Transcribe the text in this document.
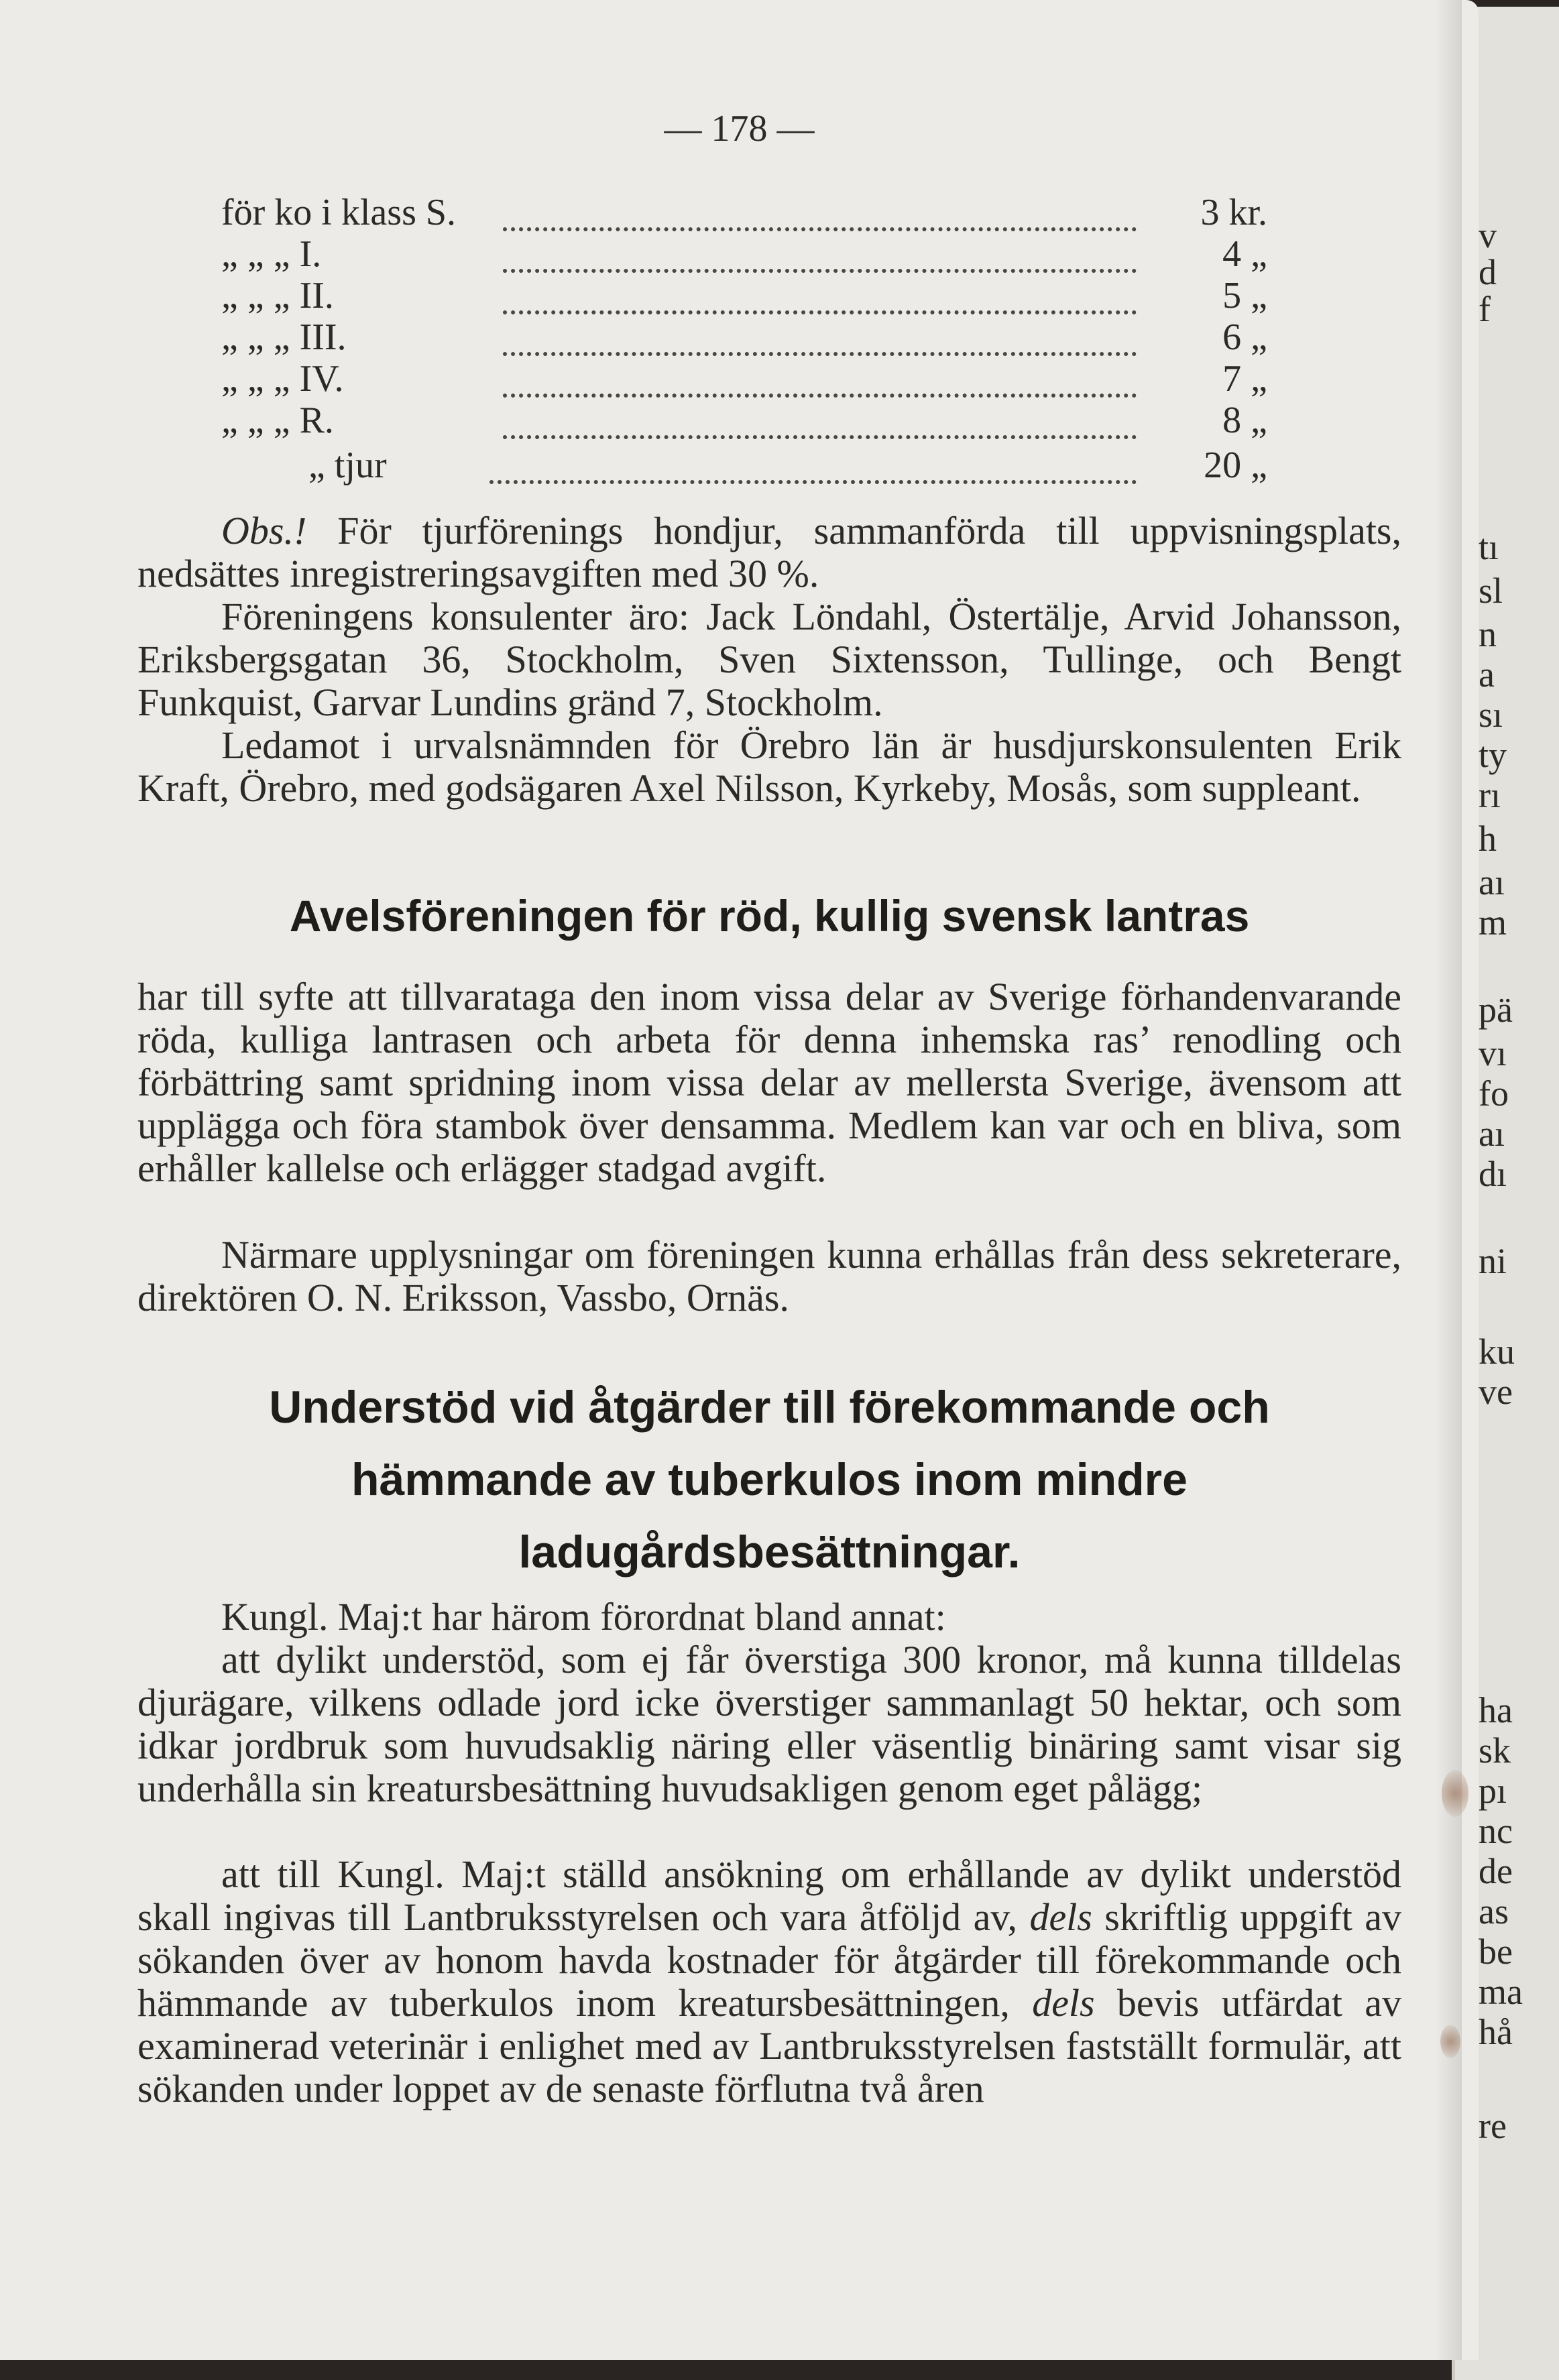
— 178 —
för ko i klass S.	3 kr.
„ „ „ I.	4 „
„ „ „ II.	5 „
„ „ „ III.	6 „
„ „ „ IV.	7 „
„ „ „ R.	8 „
„ tjur	20 „
Obs.! För tjurförenings hondjur, sammanförda till uppvisningsplats, nedsättes inregistreringsavgiften med 30 %.
Föreningens konsulenter äro: Jack Löndahl, Östertälje, Arvid Johansson, Eriksbergsgatan 36, Stockholm, Sven Sixtensson, Tullinge, och Bengt Funkquist, Garvar Lundins gränd 7, Stockholm.
Ledamot i urvalsnämnden för Örebro län är husdjurskonsulenten Erik Kraft, Örebro, med godsägaren Axel Nilsson, Kyrkeby, Mosås, som suppleant.
Avelsföreningen för röd, kullig svensk lantras
har till syfte att tillvarataga den inom vissa delar av Sverige förhandenvarande röda, kulliga lantrasen och arbeta för denna inhemska ras’ renodling och förbättring samt spridning inom vissa delar av mellersta Sverige, ävensom att upplägga och föra stambok över densamma. Medlem kan var och en bliva, som erhåller kallelse och erlägger stadgad avgift.
Närmare upplysningar om föreningen kunna erhållas från dess sekreterare, direktören O. N. Eriksson, Vassbo, Ornäs.
Understöd vid åtgärder till förekommande och
hämmande av tuberkulos inom mindre
ladugårdsbesättningar.
Kungl. Maj:t har härom förordnat bland annat:
att dylikt understöd, som ej får överstiga 300 kronor, må kunna tilldelas djurägare, vilkens odlade jord icke överstiger sammanlagt 50 hektar, och som idkar jordbruk som huvudsaklig näring eller väsentlig binäring samt visar sig underhålla sin kreatursbesättning huvudsakligen genom eget pålägg;
att till Kungl. Maj:t ställd ansökning om erhållande av dylikt understöd skall ingivas till Lantbruksstyrelsen och vara åtföljd av, dels skriftlig uppgift av sökanden över av honom havda kostnader för åtgärder till förekommande och hämmande av tuberkulos inom kreatursbesättningen, dels bevis utfärdat av examinerad veterinär i enlighet med av Lantbruksstyrelsen fastställt formulär, att sökanden under loppet av de senaste förflutna två åren
v
d
f
tı
sl
n
a
sı
ty
rı
h
aı
m
pä
vı
fo
aı
dı
ni
ku
ve
ha
sk
pı
nc
de
as
be
ma
hå
re
